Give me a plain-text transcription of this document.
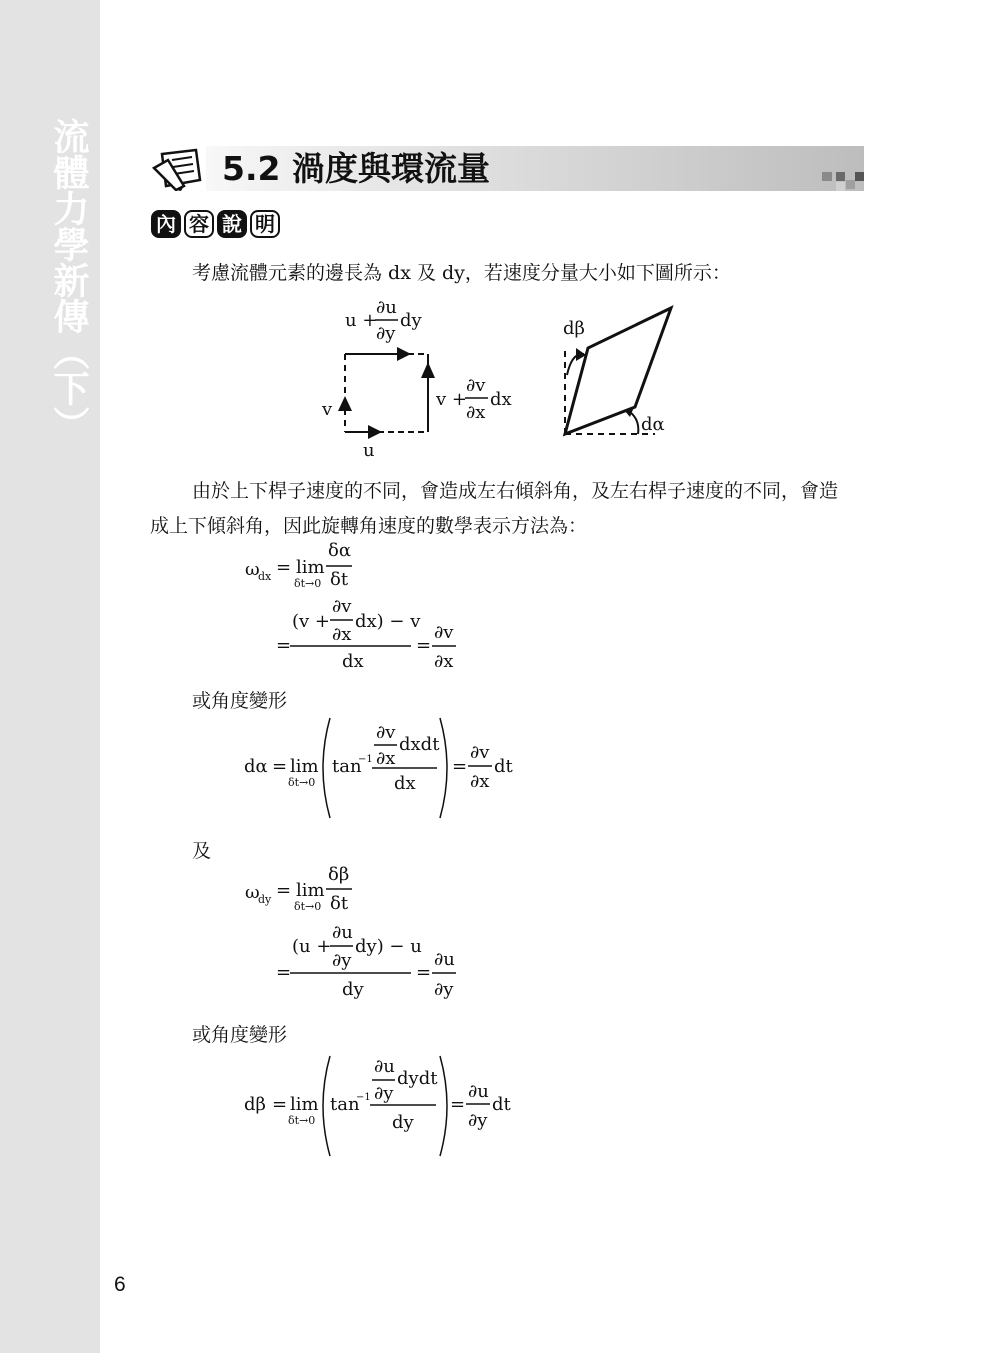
流體力學新傳（下）
6
5.2 渦度與環流量
內 容 說 明
考慮流體元素的邊長為 dx 及 dy，若速度分量大小如下圖所示：
由於上下桿子速度的不同，會造成左右傾斜角，及左右桿子速度的不同，會造
成上下傾斜角，因此旋轉角速度的數學表示方法為：
或角度變形
及
或角度變形
u +
∂u
∂y
dy
v +
∂v
∂x
dx
v
u
dβ
dα
ω
dx = lim
δt→0
δα
δt
=
(v +
∂v
∂x
dx) − v
dx
=
∂v
∂x
dα = lim
δt→0
tan
−1
∂v
∂x
dxdt
dx
=
∂v
∂x
dt
ω
dy = lim
δt→0
δβ
δt
=
(u +
∂u
∂y
dy) − u
dy
=
∂u
∂y
dβ = lim
δt→0
tan
−1
∂u
∂y
dydt
dy
=
∂u
∂y
dt
